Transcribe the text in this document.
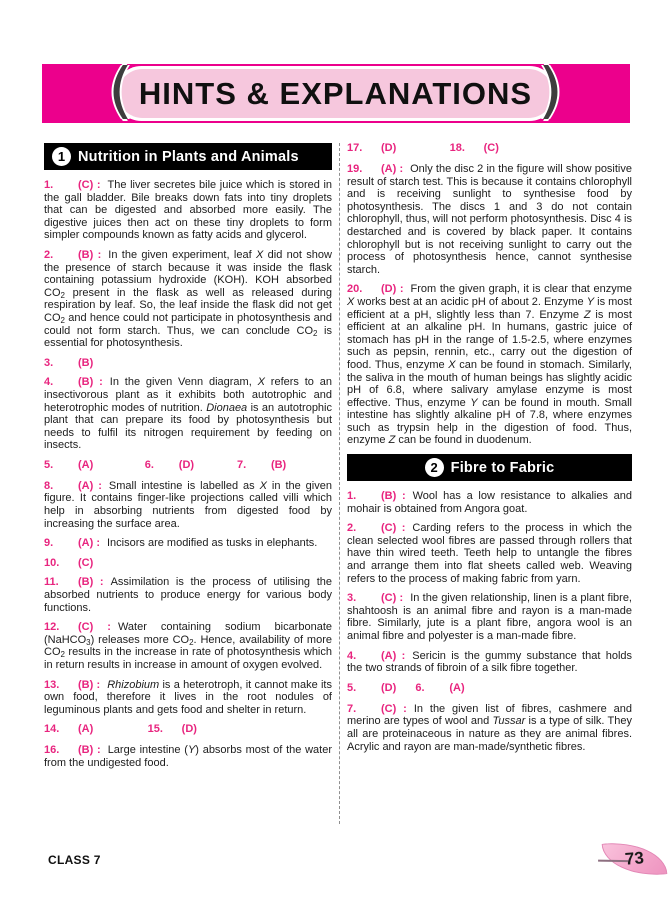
( HINTS & EXPLANATIONS )
1 Nutrition in Plants and Animals

1. (C) : The liver secretes bile juice which is stored in the gall bladder. Bile breaks down fats into tiny droplets that can be digested and absorbed more easily. The digestive juices then act on these tiny droplets to form simpler compounds known as fatty acids and glycerol.

2. (B) : In the given experiment, leaf X did not show the presence of starch because it was inside the flask containing potassium hydroxide (KOH). KOH absorbed $CO_2$ present in the flask as well as released during respiration by leaf. So, the leaf inside the flask did not get $CO_2$ and hence could not participate in photosynthesis and could not form starch. Thus, we can conclude $CO_2$ is essential for photosynthesis.

3. (B)

4. (B) : In the given Venn diagram, X refers to an insectivorous plant as it exhibits both autotrophic and heterotrophic modes of nutrition. Dionaea is an autotrophic plant that can prepare its food by photosynthesis but needs to fulfil its nitrogen requirement by feeding on insects.

5. (A)	6. (D)	7. (B)

8. (A) : Small intestine is labelled as X in the given figure. It contains finger-like projections called villi which help in absorbing nutrients from digested food by increasing the surface area.

9. (A) : Incisors are modified as tusks in elephants.

10. (C)

11. (B) : Assimilation is the process of utilising the absorbed nutrients to produce energy for various body functions.

12. (C) : Water containing sodium bicarbonate (NaHCO$_3$) releases more $CO_2$. Hence, availability of more $CO_2$ results in the increase in rate of photosynthesis which in return results in increase in amount of oxygen evolved.

13. (B) : Rhizobium is a heterotroph, it cannot make its own food, therefore it lives in the root nodules of leguminous plants and gets food and shelter in return.

14. (A)	15. (D)

16. (B) : Large intestine (Y) absorbs most of the water from the undigested food.

17. (D)	18. (C)

19. (A) : Only the disc 2 in the figure will show positive result of starch test. This is because it contains chlorophyll and is receiving sunlight to synthesise food by photosynthesis. The discs 1 and 3 do not contain chlorophyll, thus, will not perform photosynthesis. Disc 4 is destarched and is covered by black paper. It contains chlorophyll but is not receiving sunlight to carry out the process of photosynthesis hence, cannot synthesise starch.

20. (D) : From the given graph, it is clear that enzyme X works best at an acidic pH of about 2. Enzyme Y is most efficient at a pH, slightly less than 7. Enzyme Z is most efficient at an alkaline pH. In humans, gastric juice of stomach has pH in the range of 1.5-2.5, where enzymes such as pepsin, rennin, etc., carry out the digestion of food. Thus, enzyme X can be found in stomach. Similarly, the saliva in the mouth of human beings has slightly acidic pH of 6.8, where salivary amylase enzyme is most effective. Thus, enzyme Y can be found in mouth. Small intestine has slightly alkaline pH of 7.8, where enzymes such as trypsin help in the digestion of food. Thus, enzyme Z can be found in duodenum.

2 Fibre to Fabric

1. (B) : Wool has a low resistance to alkalies and mohair is obtained from Angora goat.

2. (C) : Carding refers to the process in which the clean selected wool fibres are passed through rollers that have thin wired teeth. Teeth help to untangle the fibres and arrange them into flat sheets called web. Weaving refers to the process of making fabric from yarn.

3. (C) : In the given relationship, linen is a plant fibre, shahtoosh is an animal fibre and rayon is a man-made fibre. Similarly, jute is a plant fibre, angora wool is an animal fibre and polyester is a man-made fibre.

4. (A) : Sericin is the gummy substance that holds the two strands of fibroin of a silk fibre together.

5. (D)	6. (A)

7. (C) : In the given list of fibres, cashmere and merino are types of wool and Tussar is a type of silk. They all are proteinaceous in nature as they are animal fibres. Acrylic and rayon are man-made/synthetic fibres.

CLASS 7	73
